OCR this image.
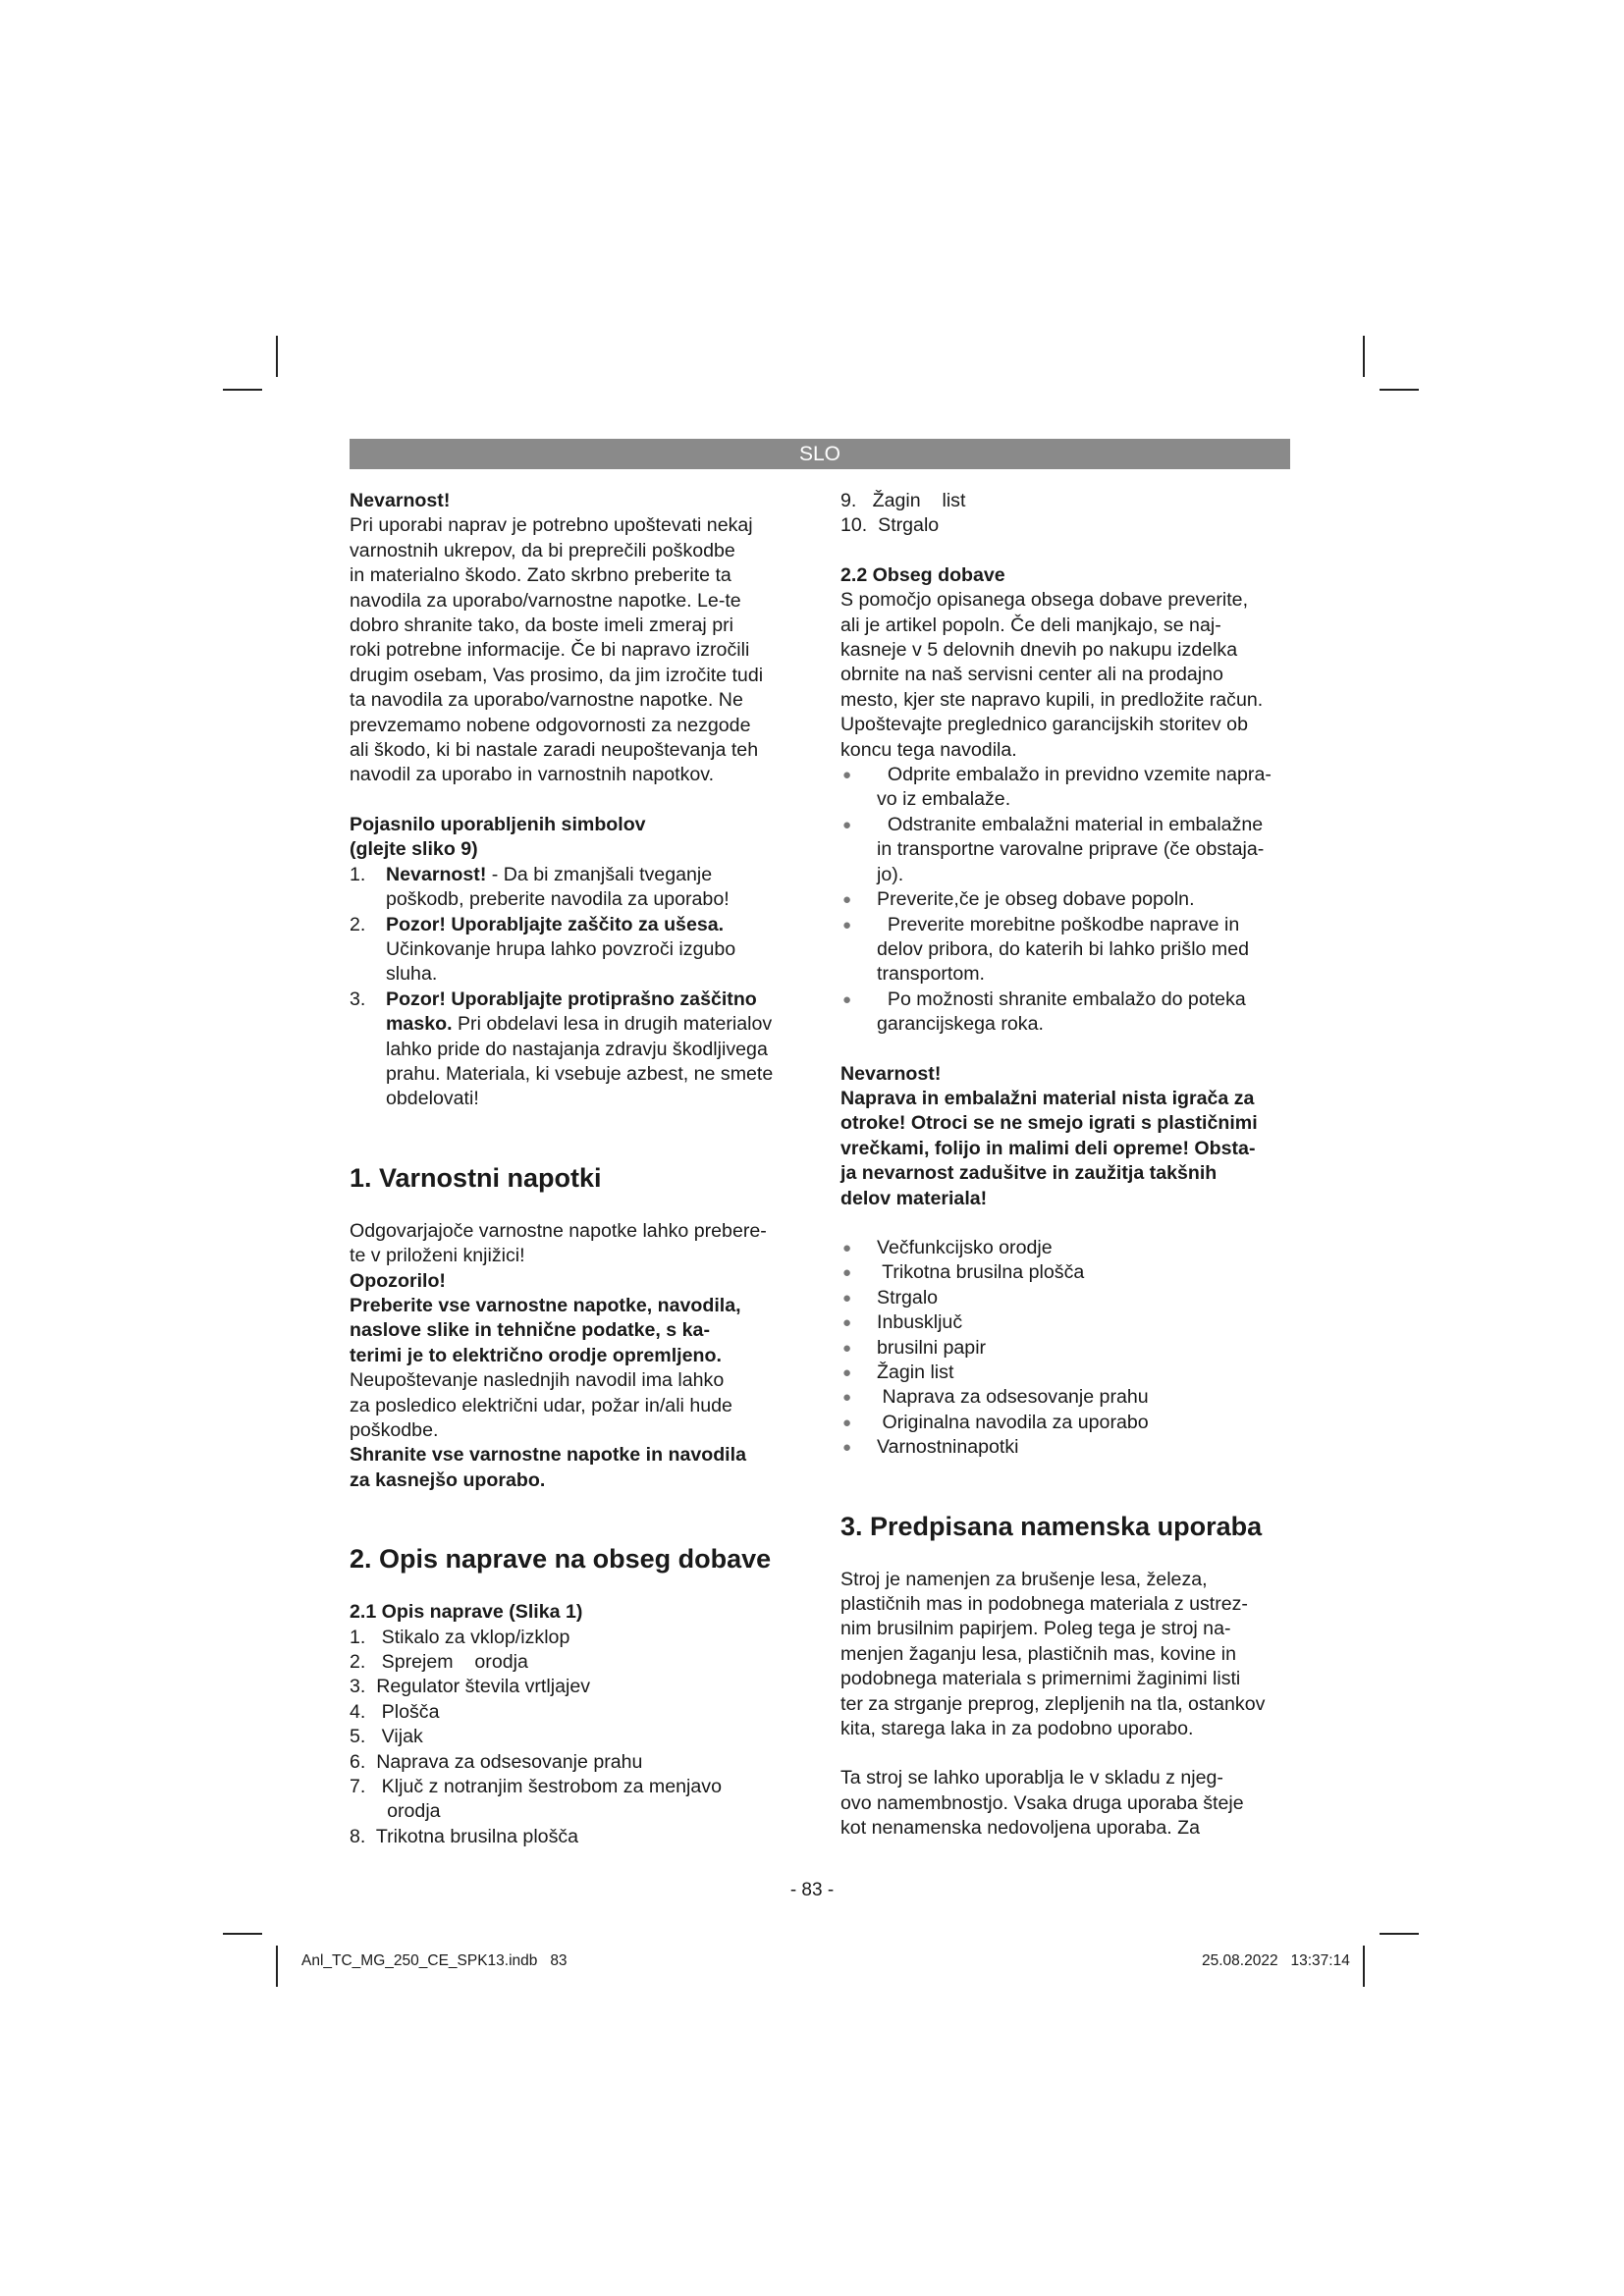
SLO

Nevarnost!

Pri uporabi naprav je potrebno upoštevati nekaj

varnostnih ukrepov, da bi preprečili poškodbe

in materialno škodo. Zato skrbno preberite ta

navodila za uporabo/varnostne napotke. Le-te

dobro shranite tako, da boste imeli zmeraj pri

roki potrebne informacije. Če bi napravo izročili

drugim osebam, Vas prosimo, da jim izročite tudi

ta navodila za uporabo/varnostne napotke. Ne

prevzemamo nobene odgovornosti za nezgode

ali škodo, ki bi nastale zaradi neupoštevanja teh

navodil za uporabo in varnostnih napotkov.

Pojasnilo uporabljenih simbolov

(glejte sliko 9)

1. Nevarnost! - Da bi zmanjšali tveganje
poškodb, preberite navodila za uporabo!
2. Pozor! Uporabljajte zaščito za ušesa.
Učinkovanje hrupa lahko povzroči izgubo
sluha.
3. Pozor! Uporabljajte protiprašno zaščitno
masko. Pri obdelavi lesa in drugih materialov
lahko pride do nastajanja zdravju škodljivega
prahu. Materiala, ki vsebuje azbest, ne smete
obdelovati!
1. Varnostni napotki

Odgovarjajoče varnostne napotke lahko prebere-

te v priloženi knjižici!

Opozorilo!

Preberite vse varnostne napotke, navodila,

naslove slike in tehnične podatke, s ka-

terimi je to električno orodje opremljeno.

Neupoštevanje naslednjih navodil ima lahko

za posledico električni udar, požar in/ali hude

poškodbe.

Shranite vse varnostne napotke in navodila

za kasnejšo uporabo.

2. Opis naprave na obseg dobave
2.1 Opis naprave (Slika 1)
1.   Stikalo za vklop/izklop
2.   Sprejem    orodja
3.  Regulator števila vrtljajev
4.   Plošča
5.   Vijak
6.  Naprava za odsesovanje prahu
7.   Ključ z notranjim šestrobom za menjavo
orodja
8.  Trikotna brusilna plošča
9.   Žagin    list
10.  Strgalo
2.2 Obseg dobave

S pomočjo opisanega obsega dobave preverite,

ali je artikel popoln. Če deli manjkajo, se naj-

kasneje v 5 delovnih dnevih po nakupu izdelka

obrnite na naš servisni center ali na prodajno

mesto, kjer ste napravo kupili, in predložite račun.

Upoštevajte preglednico garancijskih storitev ob

koncu tega navodila.

● Odprite embalažo in previdno vzemite napra-
vo iz embalaže.
● Odstranite embalažni material in embalažne
in transportne varovalne priprave (če obstaja-
jo).
● Preverite,če je obseg dobave popoln.
● Preverite morebitne poškodbe naprave in
delov pribora, do katerih bi lahko prišlo med
transportom.
● Po možnosti shranite embalažo do poteka
garancijskega roka.

Nevarnost!

Naprava in embalažni material nista igrača za

otroke! Otroci se ne smejo igrati s plastičnimi

vrečkami, folijo in malimi deli opreme! Obsta-

ja nevarnost zadušitve in zaužitja takšnih

delov materiala!

● Večfunkcijsko orodje
● Trikotna brusilna plošča
● Strgalo
● Inbusključ
● brusilni papir
● Žagin list
● Naprava za odsesovanje prahu
● Originalna navodila za uporabo
● Varnostninapotki
3. Predpisana namenska uporaba

Stroj je namenjen za brušenje lesa, železa,

plastičnih mas in podobnega materiala z ustrez-

nim brusilnim papirjem. Poleg tega je stroj na-

menjen žaganju lesa, plastičnih mas, kovine in

podobnega materiala s primernimi žaginimi listi

ter za strganje preprog, zlepljenih na tla, ostankov

kita, starega laka in za podobno uporabo.

Ta stroj se lahko uporablja le v skladu z njeg-

ovo namembnostjo. Vsaka druga uporaba šteje

kot nenamenska nedovoljena uporaba. Za

- 83 -
Anl_TC_MG_250_CE_SPK13.indb   83	25.08.2022   13:37:14
